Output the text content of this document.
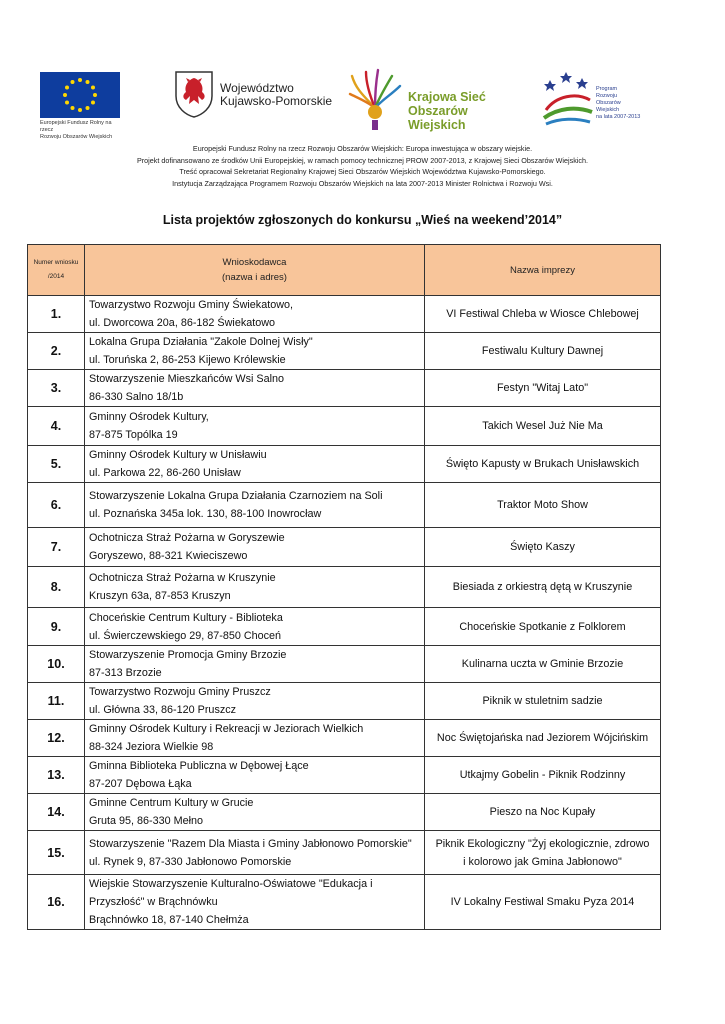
Europejski Fundusz Rolny na rzecz
Rozwoju Obszarów Wiejskich
Województwo
Kujawsko-Pomorskie	Krajowa Sieć
Obszarów Wiejskich
Program
Rozwoju
Obszarów
Wiejskich
na lata 2007-2013
Europejski Fundusz Rolny na rzecz Rozwoju Obszarów Wiejskich: Europa inwestująca w obszary wiejskie.
Projekt dofinansowano ze środków Unii Europejskiej, w ramach pomocy technicznej PROW 2007-2013, z Krajowej Sieci Obszarów Wiejskich.
Treść opracował Sekretariat Regionalny Krajowej Sieci Obszarów Wiejskich Województwa Kujawsko-Pomorskiego.
Instytucja Zarządzająca Programem Rozwoju Obszarów Wiejskich na lata 2007-2013 Minister Rolnictwa i Rozwoju Wsi.
Lista projektów zgłoszonych do konkursu „Wieś na weekend’2014”
Numer wniosku
/2014	Wnioskodawca
(nazwa i adres)	Nazwa imprezy
1.	Towarzystwo Rozwoju Gminy Świekatowo,
ul. Dworcowa 20a, 86-182 Świekatowo	VI Festiwal Chleba w Wiosce Chlebowej

2.	Lokalna Grupa Działania "Zakole Dolnej Wisły"
ul. Toruńska 2, 86-253 Kijewo Królewskie	Festiwalu Kultury Dawnej

3.	Stowarzyszenie Mieszkańców Wsi Salno
86-330 Salno 18/1b	Festyn "Witaj Lato"

4.	Gminny Ośrodek Kultury,
87-875 Topólka 19	Takich Wesel Już Nie Ma

5.	Gminny Ośrodek Kultury w Unisławiu
ul. Parkowa 22, 86-260 Unisław	Święto Kapusty w Brukach Unisławskich

6.	Stowarzyszenie Lokalna Grupa Działania Czarnoziem na Soli
ul. Poznańska 345a lok. 130, 88-100 Inowrocław	Traktor Moto Show

7.	Ochotnicza Straż Pożarna w Goryszewie
Goryszewo, 88-321 Kwieciszewo	Święto Kaszy

8.	Ochotnicza Straż Pożarna w Kruszynie
Kruszyn 63a, 87-853 Kruszyn	Biesiada z orkiestrą dętą w Kruszynie

9.	Choceńskie Centrum Kultury - Biblioteka
ul. Świerczewskiego 29, 87-850 Choceń	Choceńskie Spotkanie z Folklorem

10.	Stowarzyszenie Promocja Gminy Brzozie
87-313 Brzozie	Kulinarna uczta w Gminie Brzozie

11.	Towarzystwo Rozwoju Gminy Pruszcz
ul. Główna 33, 86-120 Pruszcz	Piknik w stuletnim sadzie

12.	Gminny Ośrodek Kultury i Rekreacji w Jeziorach Wielkich
88-324 Jeziora Wielkie 98	Noc Świętojańska nad Jeziorem Wójcińskim

13.	Gminna Biblioteka Publiczna w Dębowej Łące
87-207 Dębowa Łąka	Utkajmy Gobelin - Piknik Rodzinny

14.	Gminne Centrum Kultury w Grucie
Gruta 95, 86-330 Mełno	Pieszo na Noc Kupały

15.	Stowarzyszenie "Razem Dla Miasta i Gminy Jabłonowo Pomorskie"
ul. Rynek 9, 87-330 Jabłonowo Pomorskie	Piknik Ekologiczny "Żyj ekologicznie, zdrowo
i kolorowo jak Gmina Jabłonowo"

16.	Wiejskie Stowarzyszenie Kulturalno-Oświatowe "Edukacja i
Przyszłość" w Brąchnówku
Brąchnówko 18, 87-140 Chełmża	IV Lokalny Festiwal Smaku Pyza 2014
